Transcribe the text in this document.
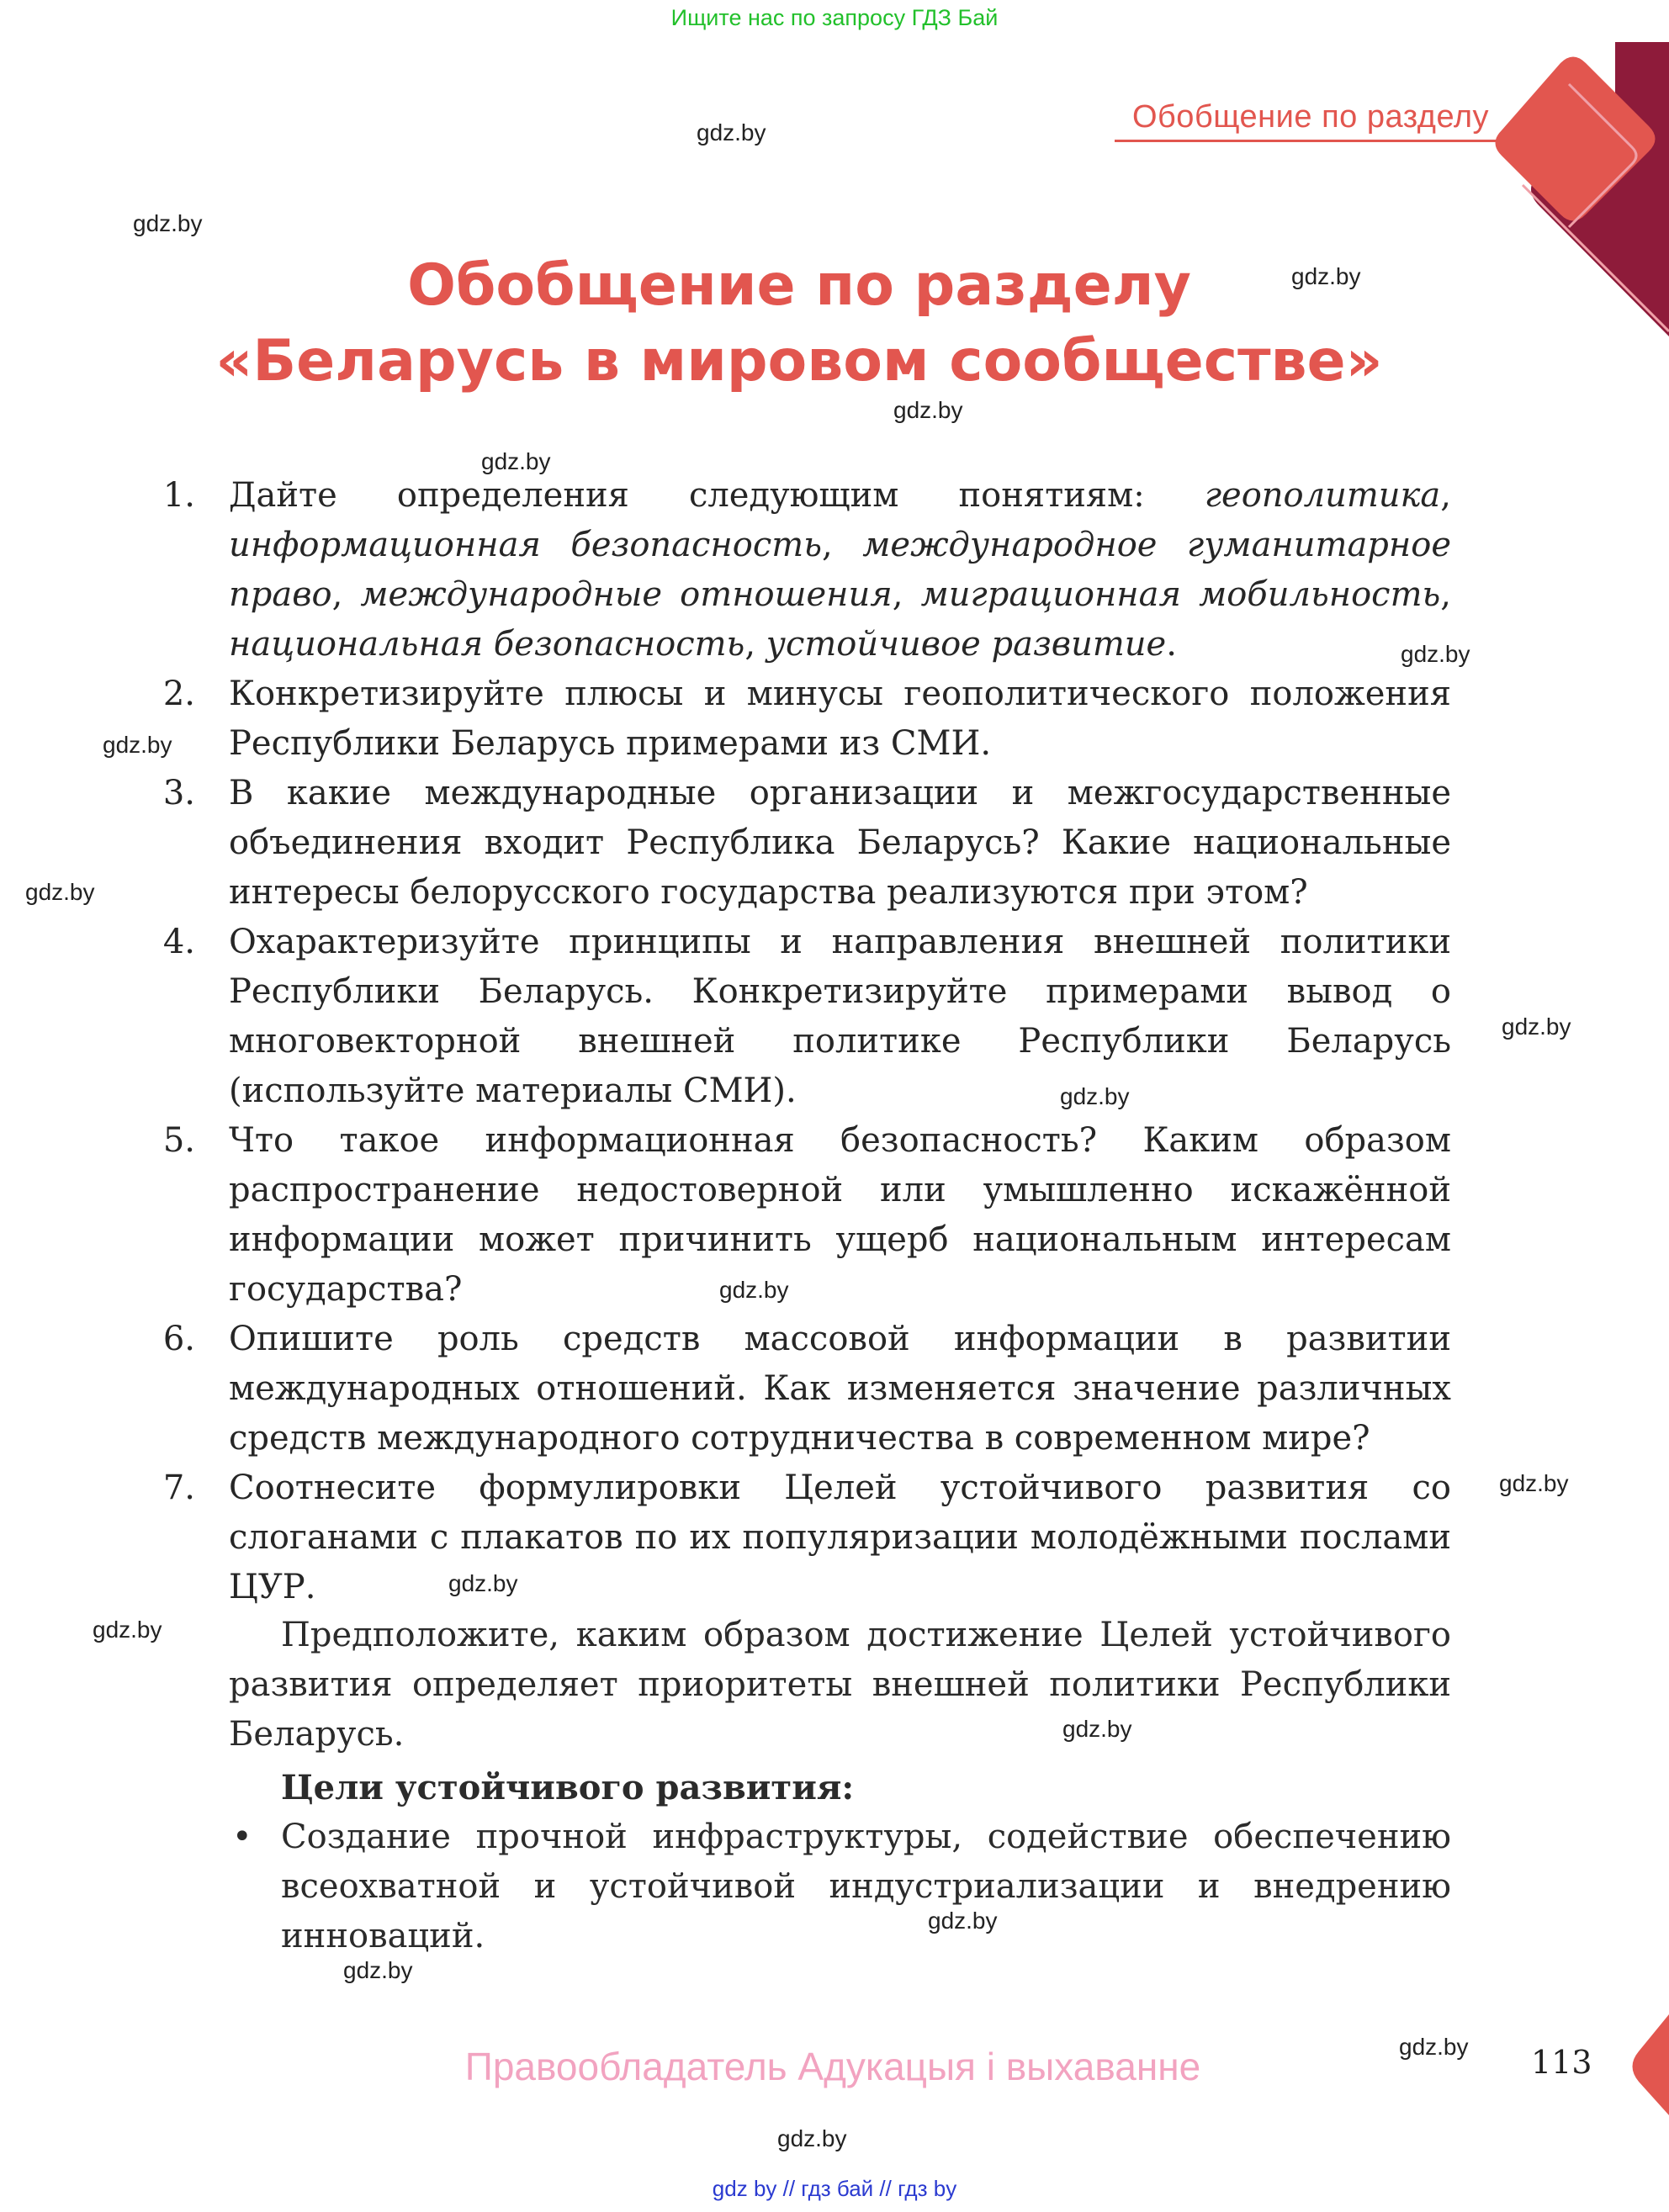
Ищите нас по запросу ГДЗ Бай
Обобщение по разделу
Обобщение по разделу
«Беларусь в мировом сообществе»
gdz.by
gdz.by
gdz.by
gdz.by
gdz.by
gdz.by
gdz.by
gdz.by
gdz.by
gdz.by
gdz.by
gdz.by
gdz.by
gdz.by
gdz.by
gdz.by
gdz.by
gdz.by
gdz.by
1. Дайте определения следующим понятиям: геополитика, информационная безопасность, международное гуманитарное право, международные отношения, миграционная мобильность, национальная безопасность, устойчивое развитие.
2. Конкретизируйте плюсы и минусы геополитического положения Республики Беларусь примерами из СМИ.
3. В какие международные организации и межгосударственные объединения входит Республика Беларусь? Какие национальные интересы белорусского государства реализуются при этом?
4. Охарактеризуйте принципы и направления внешней политики Республики Беларусь. Конкретизируйте примерами вывод о многовекторной внешней политике Республики Беларусь (используйте материалы СМИ).
5. Что такое информационная безопасность? Каким образом распространение недостоверной или умышленно искажённой информации может причинить ущерб национальным интересам государства?
6. Опишите роль средств массовой информации в развитии международных отношений. Как изменяется значение различных средств международного сотрудничества в современном мире?
7. Соотнесите формулировки Целей устойчивого развития со слоганами с плакатов по их популяризации молодёжными послами ЦУР.
Предположите, каким образом достижение Целей устойчивого развития определяет приоритеты внешней политики Республики Беларусь.
Цели устойчивого развития:
• Создание прочной инфраструктуры, содействие обеспечению всеохватной и устойчивой индустриализации и внедрению инноваций.
Правообладатель Адукацыя і выхаванне	113
gdz by // гдз бай // гдз by
